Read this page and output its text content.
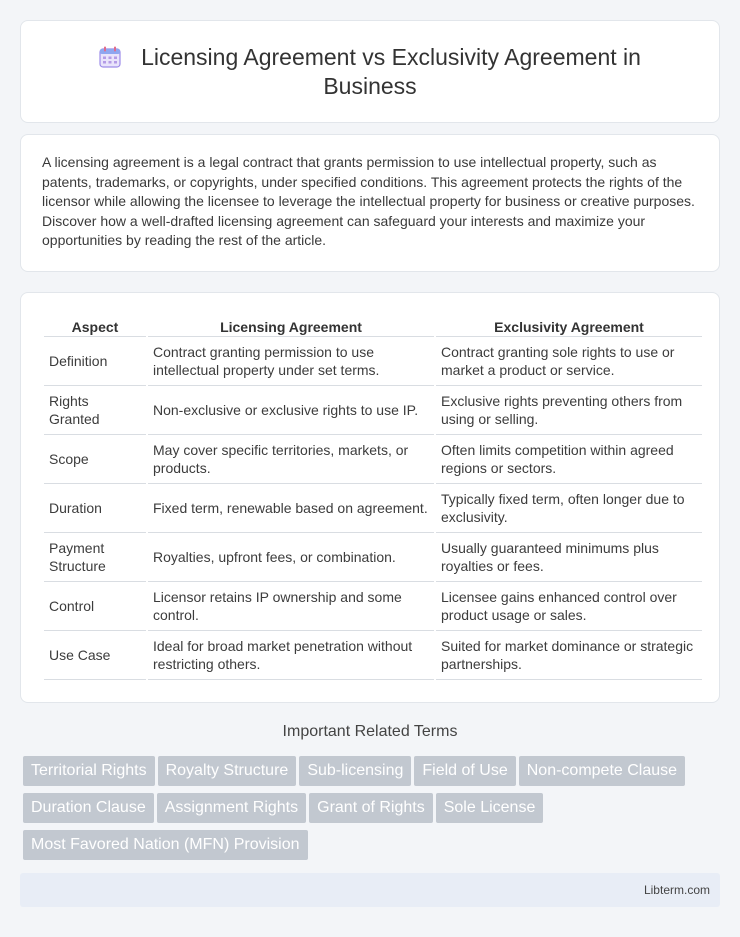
Licensing Agreement vs Exclusivity Agreement in Business

A licensing agreement is a legal contract that grants permission to use intellectual property, such as patents, trademarks, or copyrights, under specified conditions. This agreement protects the rights of the licensor while allowing the licensee to leverage the intellectual property for business or creative purposes. Discover how a well-drafted licensing agreement can safeguard your interests and maximize your opportunities by reading the rest of the article.

Aspect	Licensing Agreement	Exclusivity Agreement
Definition	Contract granting permission to use intellectual property under set terms.	Contract granting sole rights to use or market a product or service.
Rights Granted	Non-exclusive or exclusive rights to use IP.	Exclusive rights preventing others from using or selling.
Scope	May cover specific territories, markets, or products.	Often limits competition within agreed regions or sectors.
Duration	Fixed term, renewable based on agreement.	Typically fixed term, often longer due to exclusivity.
Payment Structure	Royalties, upfront fees, or combination.	Usually guaranteed minimums plus royalties or fees.
Control	Licensor retains IP ownership and some control.	Licensee gains enhanced control over product usage or sales.
Use Case	Ideal for broad market penetration without restricting others.	Suited for market dominance or strategic partnerships.
Important Related Terms
Territorial Rights Royalty Structure Sub-licensing Field of Use Non-compete Clause
Duration Clause Assignment Rights Grant of Rights Sole License
Most Favored Nation (MFN) Provision
Libterm.com
